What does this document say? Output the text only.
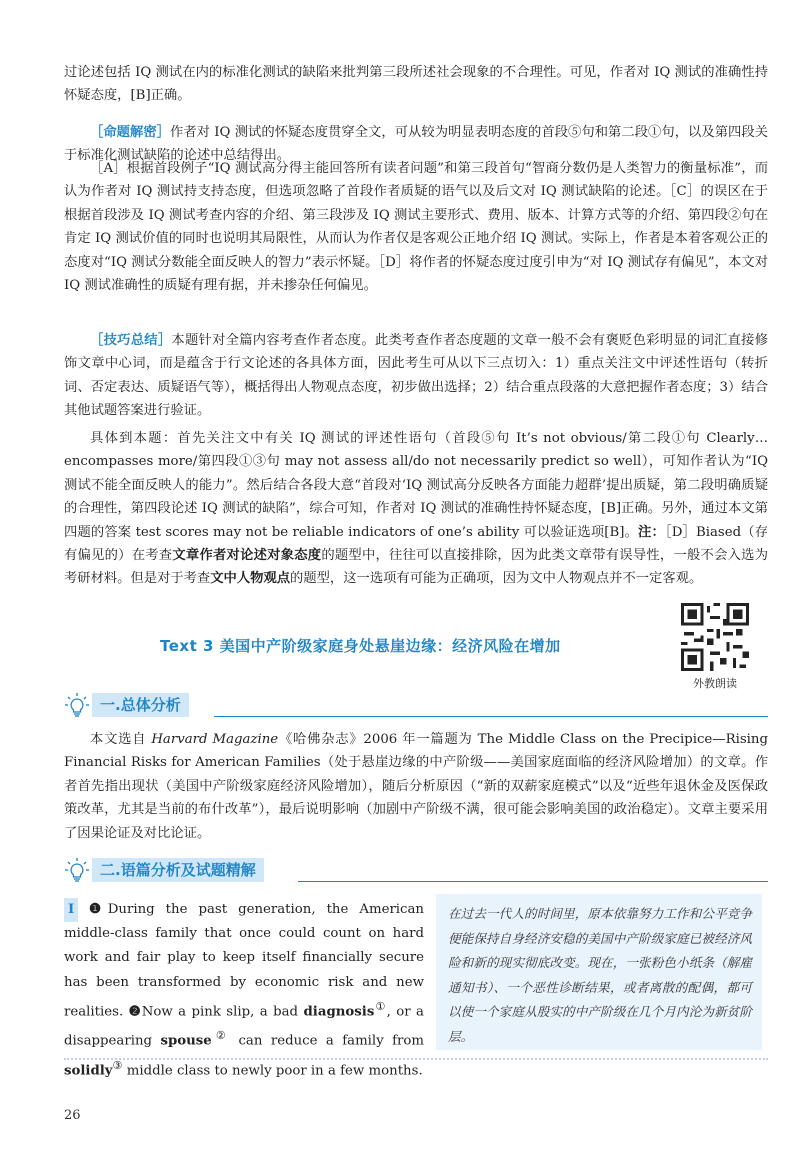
过论述包括 IQ 测试在内的标准化测试的缺陷来批判第三段所述社会现象的不合理性。可见，作者对 IQ 测试的准确性持怀疑态度，[B]正确。

［命题解密］作者对 IQ 测试的怀疑态度贯穿全文，可从较为明显表明态度的首段⑤句和第二段①句，以及第四段关于标准化测试缺陷的论述中总结得出。

［A］根据首段例子“IQ 测试高分得主能回答所有读者问题”和第三段首句“智商分数仍是人类智力的衡量标准”，而认为作者对 IQ 测试持支持态度，但选项忽略了首段作者质疑的语气以及后文对 IQ 测试缺陷的论述。［C］的误区在于根据首段涉及 IQ 测试考查内容的介绍、第三段涉及 IQ 测试主要形式、费用、版本、计算方式等的介绍、第四段②句在肯定 IQ 测试价值的同时也说明其局限性，从而认为作者仅是客观公正地介绍 IQ 测试。实际上，作者是本着客观公正的态度对“IQ 测试分数能全面反映人的智力”表示怀疑。［D］将作者的怀疑态度过度引申为“对 IQ 测试存有偏见”，本文对 IQ 测试准确性的质疑有理有据，并未掺杂任何偏见。

［技巧总结］本题针对全篇内容考查作者态度。此类考查作者态度题的文章一般不会有褒贬色彩明显的词汇直接修饰文章中心词，而是蕴含于行文论述的各具体方面，因此考生可从以下三点切入：1）重点关注文中评述性语句（转折词、否定表达、质疑语气等），概括得出人物观点态度，初步做出选择；2）结合重点段落的大意把握作者态度；3）结合其他试题答案进行验证。

具体到本题：首先关注文中有关 IQ 测试的评述性语句（首段⑤句 It’s not obvious/第二段①句 Clearly… encompasses more/第四段①③句 may not assess all/do not necessarily predict so well），可知作者认为“IQ 测试不能全面反映人的能力”。然后结合各段大意“首段对‘IQ 测试高分反映各方面能力超群’提出质疑，第二段明确质疑的合理性，第四段论述 IQ 测试的缺陷”，综合可知，作者对 IQ 测试的准确性持怀疑态度，[B]正确。另外，通过本文第四题的答案 test scores may not be reliable indicators of one’s ability 可以验证选项[B]。注：［D］Biased（存有偏见的）在考查文章作者对论述对象态度的题型中，往往可以直接排除，因为此类文章带有误导性，一般不会入选为考研材料。但是对于考查文中人物观点的题型，这一选项有可能为正确项，因为文中人物观点并不一定客观。

Text 3 美国中产阶级家庭身处悬崖边缘：经济风险在增加
外教朗读
一.总体分析

本文选自 Harvard Magazine《哈佛杂志》2006 年一篇题为 The Middle Class on the Precipice—Rising Financial Risks for American Families（处于悬崖边缘的中产阶级——美国家庭面临的经济风险增加）的文章。作者首先指出现状（美国中产阶级家庭经济风险增加），随后分析原因（“新的双薪家庭模式”以及“近些年退休金及医保政策改革，尤其是当前的布什改革”），最后说明影响（加剧中产阶级不满，很可能会影响美国的政治稳定）。文章主要采用了因果论证及对比论证。

二.语篇分析及试题精解

Ⅰ ❶During the past generation, the American middle-class family that once could count on hard work and fair play to keep itself financially secure has been transformed by economic risk and new realities. ❷Now a pink slip, a bad diagnosis①, or a disappearing spouse② can reduce a family from solidly③ middle class to newly poor in a few months.

在过去一代人的时间里，原本依靠努力工作和公平竞争便能保持自身经济安稳的美国中产阶级家庭已被经济风险和新的现实彻底改变。现在，一张粉色小纸条（解雇通知书）、一个恶性诊断结果，或者离散的配偶，都可以使一个家庭从殷实的中产阶级在几个月内沦为新贫阶层。

26
